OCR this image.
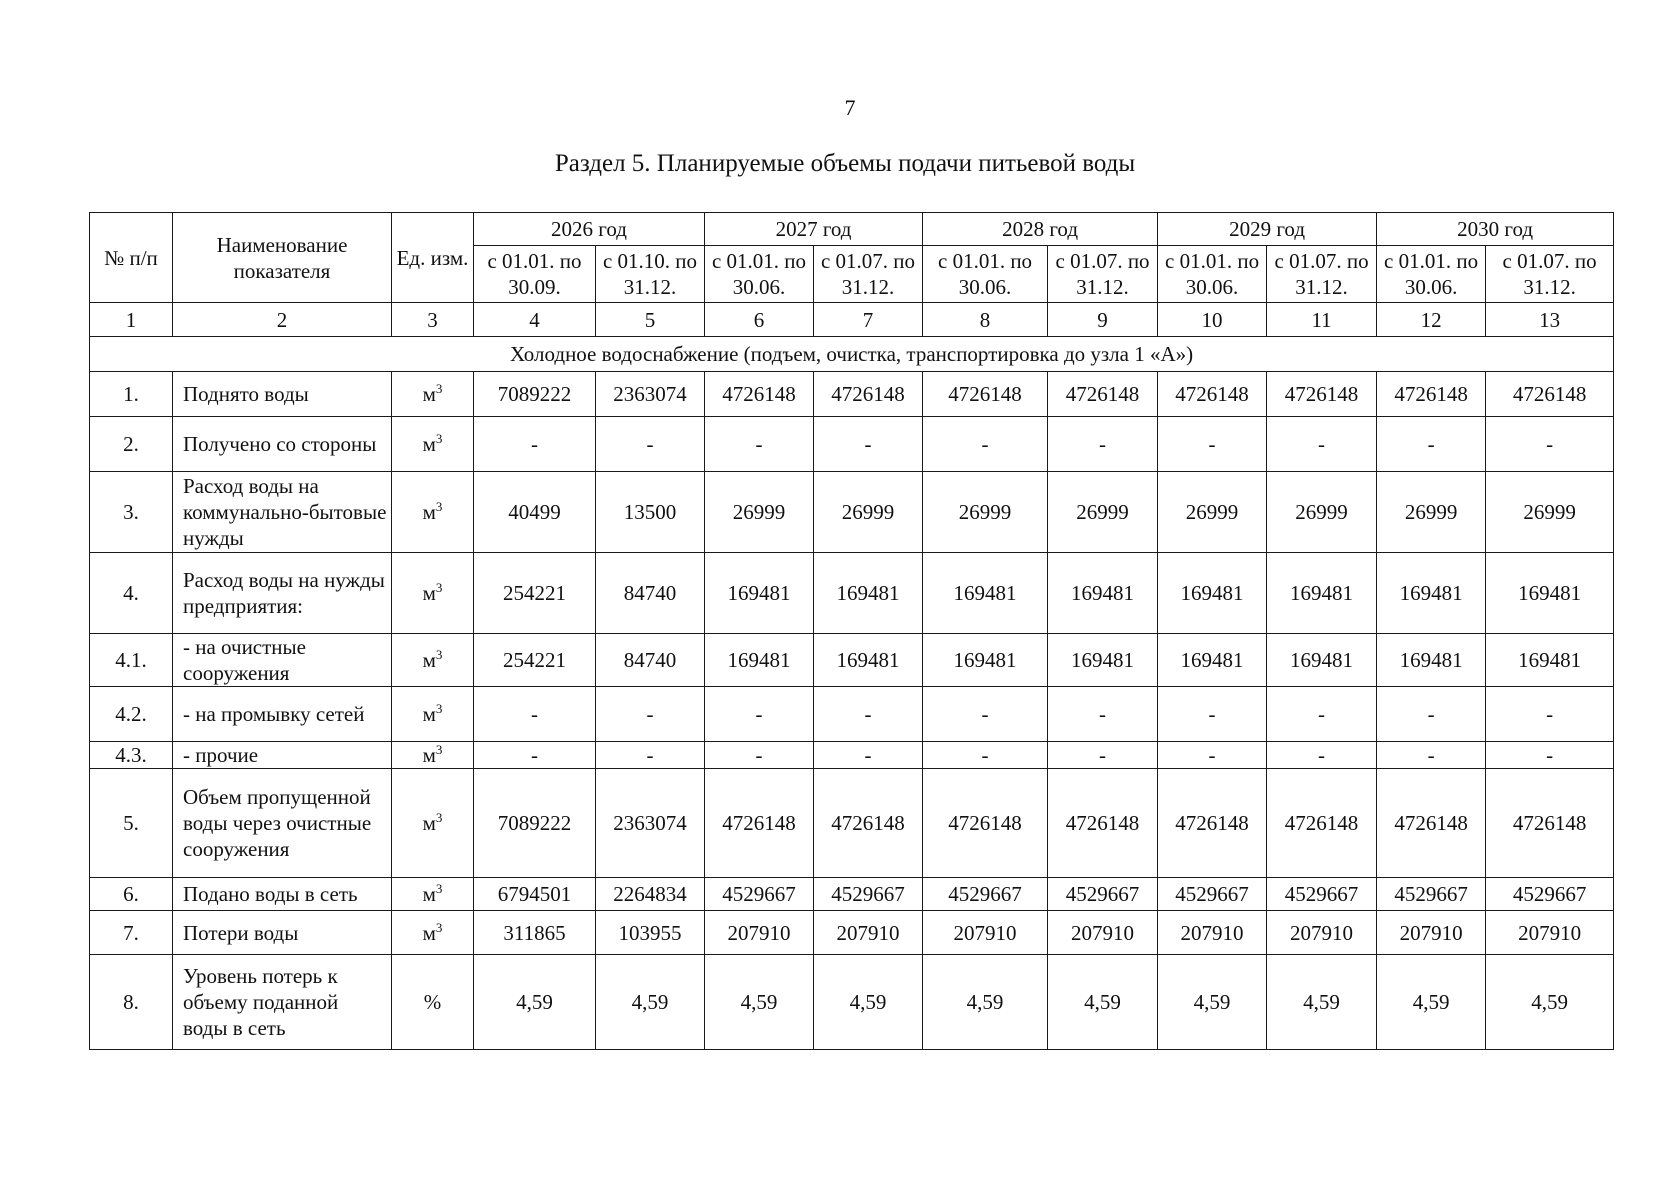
7
Раздел 5. Планируемые объемы подачи питьевой воды
№ п/п	Наименование показателя	Ед. изм.	2026 год		2027 год		2028 год		2029 год		2030 год	
			с 01.01. по 30.09.	с 01.10. по 31.12.	с 01.01. по 30.06.	с 01.07. по 31.12.	с 01.01. по 30.06.	с 01.07. по 31.12.	с 01.01. по 30.06.	с 01.07. по 31.12.	с 01.01. по 30.06.	с 01.07. по 31.12.
1	2	3	4	5	6	7	8	9	10	11	12	13
Холодное водоснабжение (подъем, очистка, транспортировка до узла 1 «А»)												
1.	Поднято воды	$м^3$	7089222	2363074	4726148	4726148	4726148	4726148	4726148	4726148	4726148	4726148
2.	Получено со стороны	$м^3$	-	-	-	-	-	-	-	-	-	-
3.	Расход воды на коммунально-бытовые нужды	$м^3$	40499	13500	26999	26999	26999	26999	26999	26999	26999	26999
4.	Расход воды на нужды предприятия:	$м^3$	254221	84740	169481	169481	169481	169481	169481	169481	169481	169481
4.1.	- на очистные сооружения	$м^3$	254221	84740	169481	169481	169481	169481	169481	169481	169481	169481
4.2.	- на промывку сетей	$м^3$	-	-	-	-	-	-	-	-	-	-
4.3.	- прочие	$м^3$	-	-	-	-	-	-	-	-	-	-
5.	Объем пропущенной воды через очистные сооружения	$м^3$	7089222	2363074	4726148	4726148	4726148	4726148	4726148	4726148	4726148	4726148
6.	Подано воды в сеть	$м^3$	6794501	2264834	4529667	4529667	4529667	4529667	4529667	4529667	4529667	4529667
7.	Потери воды	$м^3$	311865	103955	207910	207910	207910	207910	207910	207910	207910	207910
8.	Уровень потерь к объему поданной воды в сеть	%	4,59	4,59	4,59	4,59	4,59	4,59	4,59	4,59	4,59	4,59
